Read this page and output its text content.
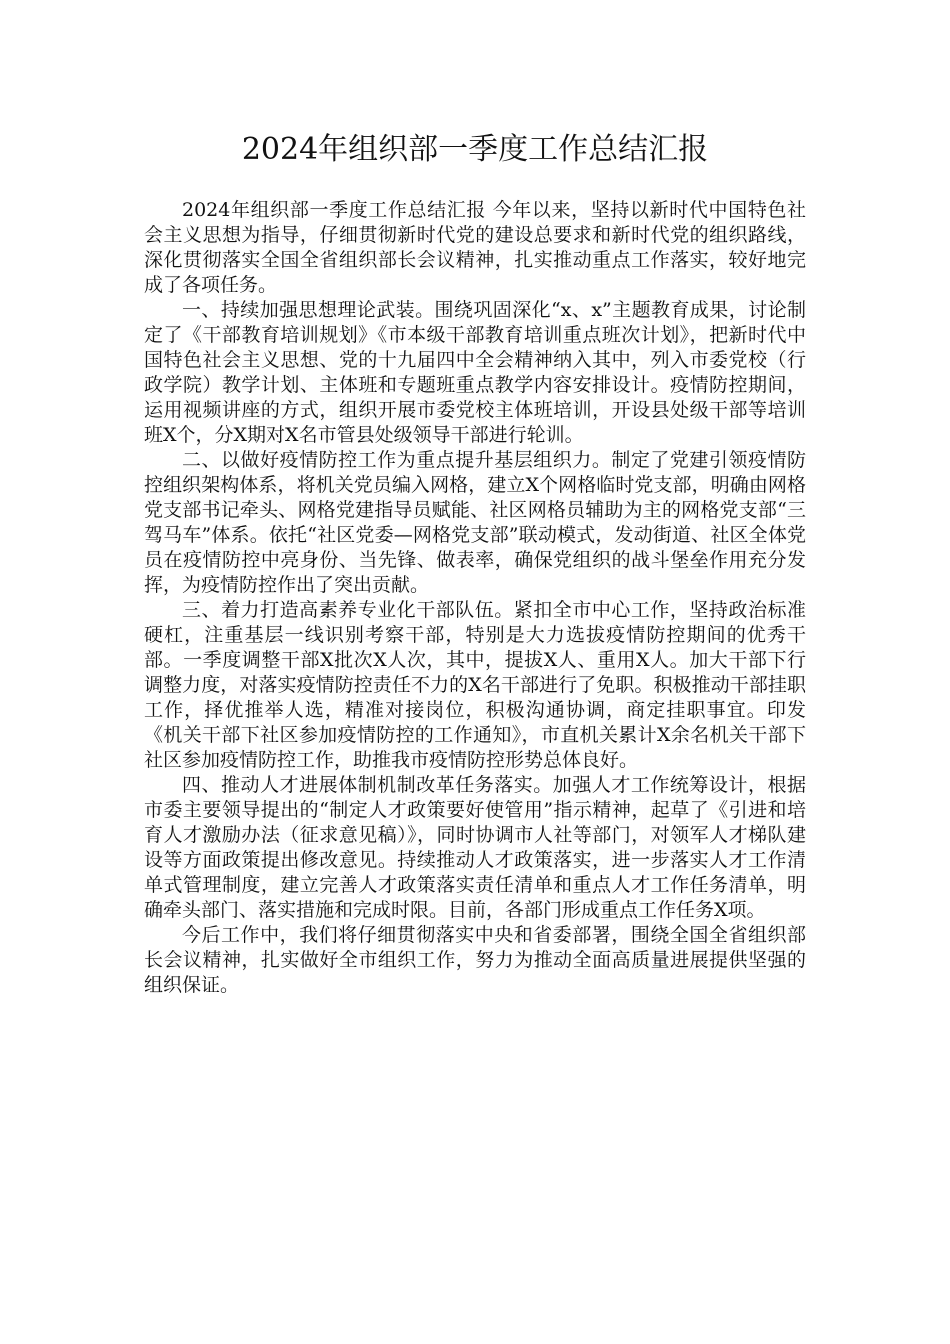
2024年组织部一季度工作总结汇报

2024年组织部一季度工作总结汇报 今年以来，坚持以新时代中国特色社会主义思想为指导，仔细贯彻新时代党的建设总要求和新时代党的组织路线，深化贯彻落实全国全省组织部长会议精神，扎实推动重点工作落实，较好地完成了各项任务。

一、持续加强思想理论武装。围绕巩固深化“x、x”主题教育成果，讨论制定了《干部教育培训规划》《市本级干部教育培训重点班次计划》，把新时代中国特色社会主义思想、党的十九届四中全会精神纳入其中，列入市委党校（行政学院）教学计划、主体班和专题班重点教学内容安排设计。疫情防控期间，运用视频讲座的方式，组织开展市委党校主体班培训，开设县处级干部等培训班X个，分X期对X名市管县处级领导干部进行轮训。

二、以做好疫情防控工作为重点提升基层组织力。制定了党建引领疫情防控组织架构体系，将机关党员编入网格，建立X个网格临时党支部，明确由网格党支部书记牵头、网格党建指导员赋能、社区网格员辅助为主的网格党支部“三驾马车”体系。依托“社区党委—网格党支部”联动模式，发动街道、社区全体党员在疫情防控中亮身份、当先锋、做表率，确保党组织的战斗堡垒作用充分发挥，为疫情防控作出了突出贡献。

三、着力打造高素养专业化干部队伍。紧扣全市中心工作，坚持政治标准硬杠，注重基层一线识别考察干部，特别是大力选拔疫情防控期间的优秀干部。一季度调整干部X批次X人次，其中，提拔X人、重用X人。加大干部下行调整力度，对落实疫情防控责任不力的X名干部进行了免职。积极推动干部挂职工作，择优推举人选，精准对接岗位，积极沟通协调，商定挂职事宜。印发《机关干部下社区参加疫情防控的工作通知》，市直机关累计X余名机关干部下社区参加疫情防控工作，助推我市疫情防控形势总体良好。

四、推动人才进展体制机制改革任务落实。加强人才工作统筹设计，根据市委主要领导提出的“制定人才政策要好使管用”指示精神，起草了《引进和培育人才激励办法（征求意见稿）》，同时协调市人社等部门，对领军人才梯队建设等方面政策提出修改意见。持续推动人才政策落实，进一步落实人才工作清单式管理制度，建立完善人才政策落实责任清单和重点人才工作任务清单，明确牵头部门、落实措施和完成时限。目前，各部门形成重点工作任务X项。

今后工作中，我们将仔细贯彻落实中央和省委部署，围绕全国全省组织部长会议精神，扎实做好全市组织工作，努力为推动全面高质量进展提供坚强的组织保证。
